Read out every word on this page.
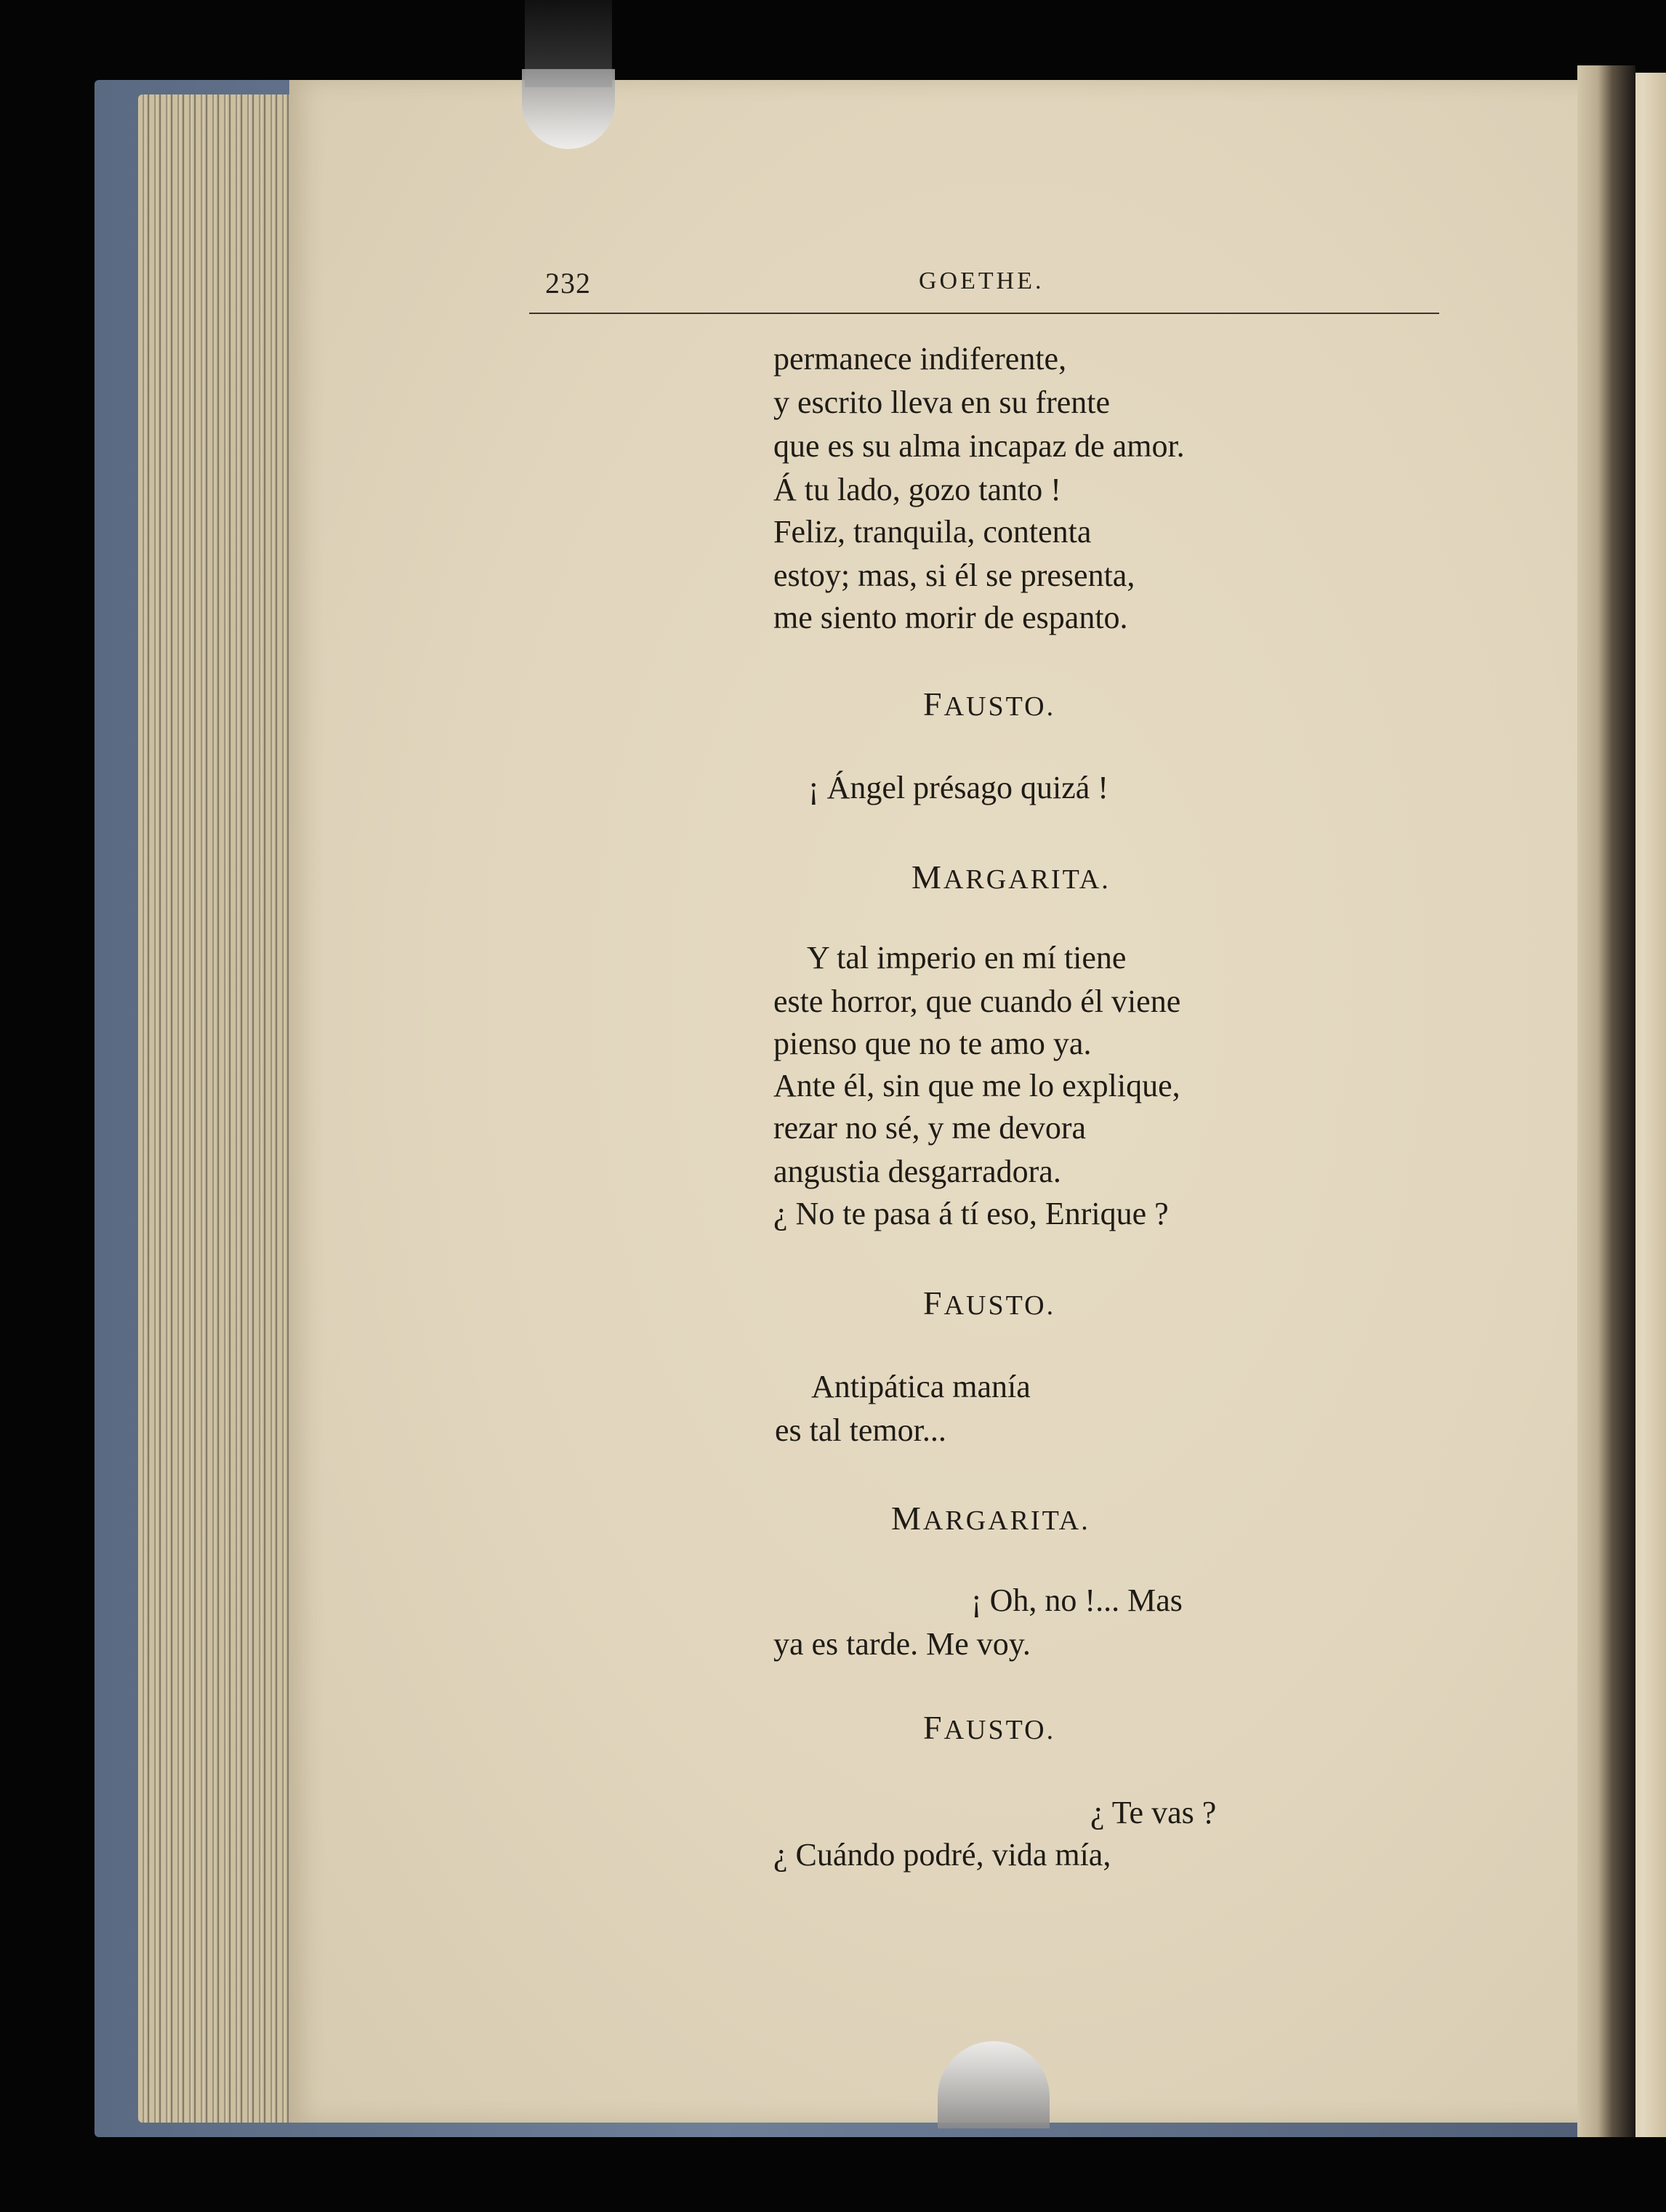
232	GOETHE.
permanece indiferente,
y escrito lleva en su frente
que es su alma incapaz de amor.
Á tu lado, gozo tanto !
Feliz, tranquila, contenta
estoy; mas, si él se presenta,
me siento morir de espanto.
FAUSTO.
¡ Ángel présago quizá !
MARGARITA.
Y tal imperio en mí tiene
este horror, que cuando él viene
pienso que no te amo ya.
Ante él, sin que me lo explique,
rezar no sé, y me devora
angustia desgarradora.
¿ No te pasa á tí eso, Enrique ?
FAUSTO.
Antipática manía
es tal temor...
MARGARITA.
¡ Oh, no !... Mas
ya es tarde. Me voy.
FAUSTO.
¿ Te vas ?
¿ Cuándo podré, vida mía,
